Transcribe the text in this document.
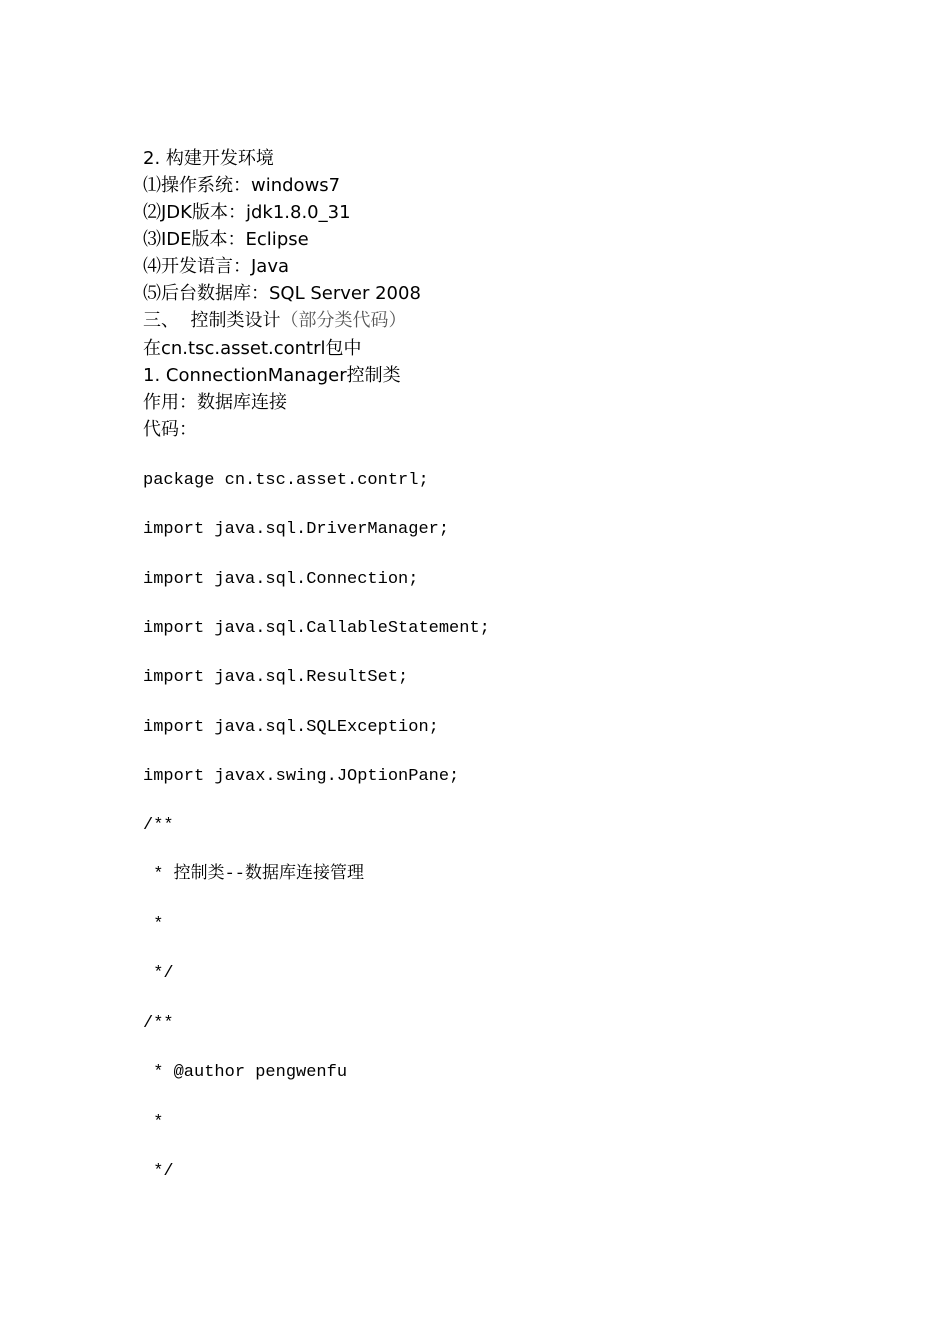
2. 构建开发环境
⑴操作系统：windows7
⑵JDK版本：jdk1.8.0_31
⑶IDE版本：Eclipse
⑷开发语言：Java
⑸后台数据库：SQL Server 2008
三、  控制类设计（部分类代码）
在cn.tsc.asset.contrl包中
1. ConnectionManager控制类
作用：数据库连接
代码：
package cn.tsc.asset.contrl;
import java.sql.DriverManager;
import java.sql.Connection;
import java.sql.CallableStatement;
import java.sql.ResultSet;
import java.sql.SQLException;
import javax.swing.JOptionPane;
/**
* 控制类--数据库连接管理
*
*/
/**
* @author pengwenfu
*
*/
